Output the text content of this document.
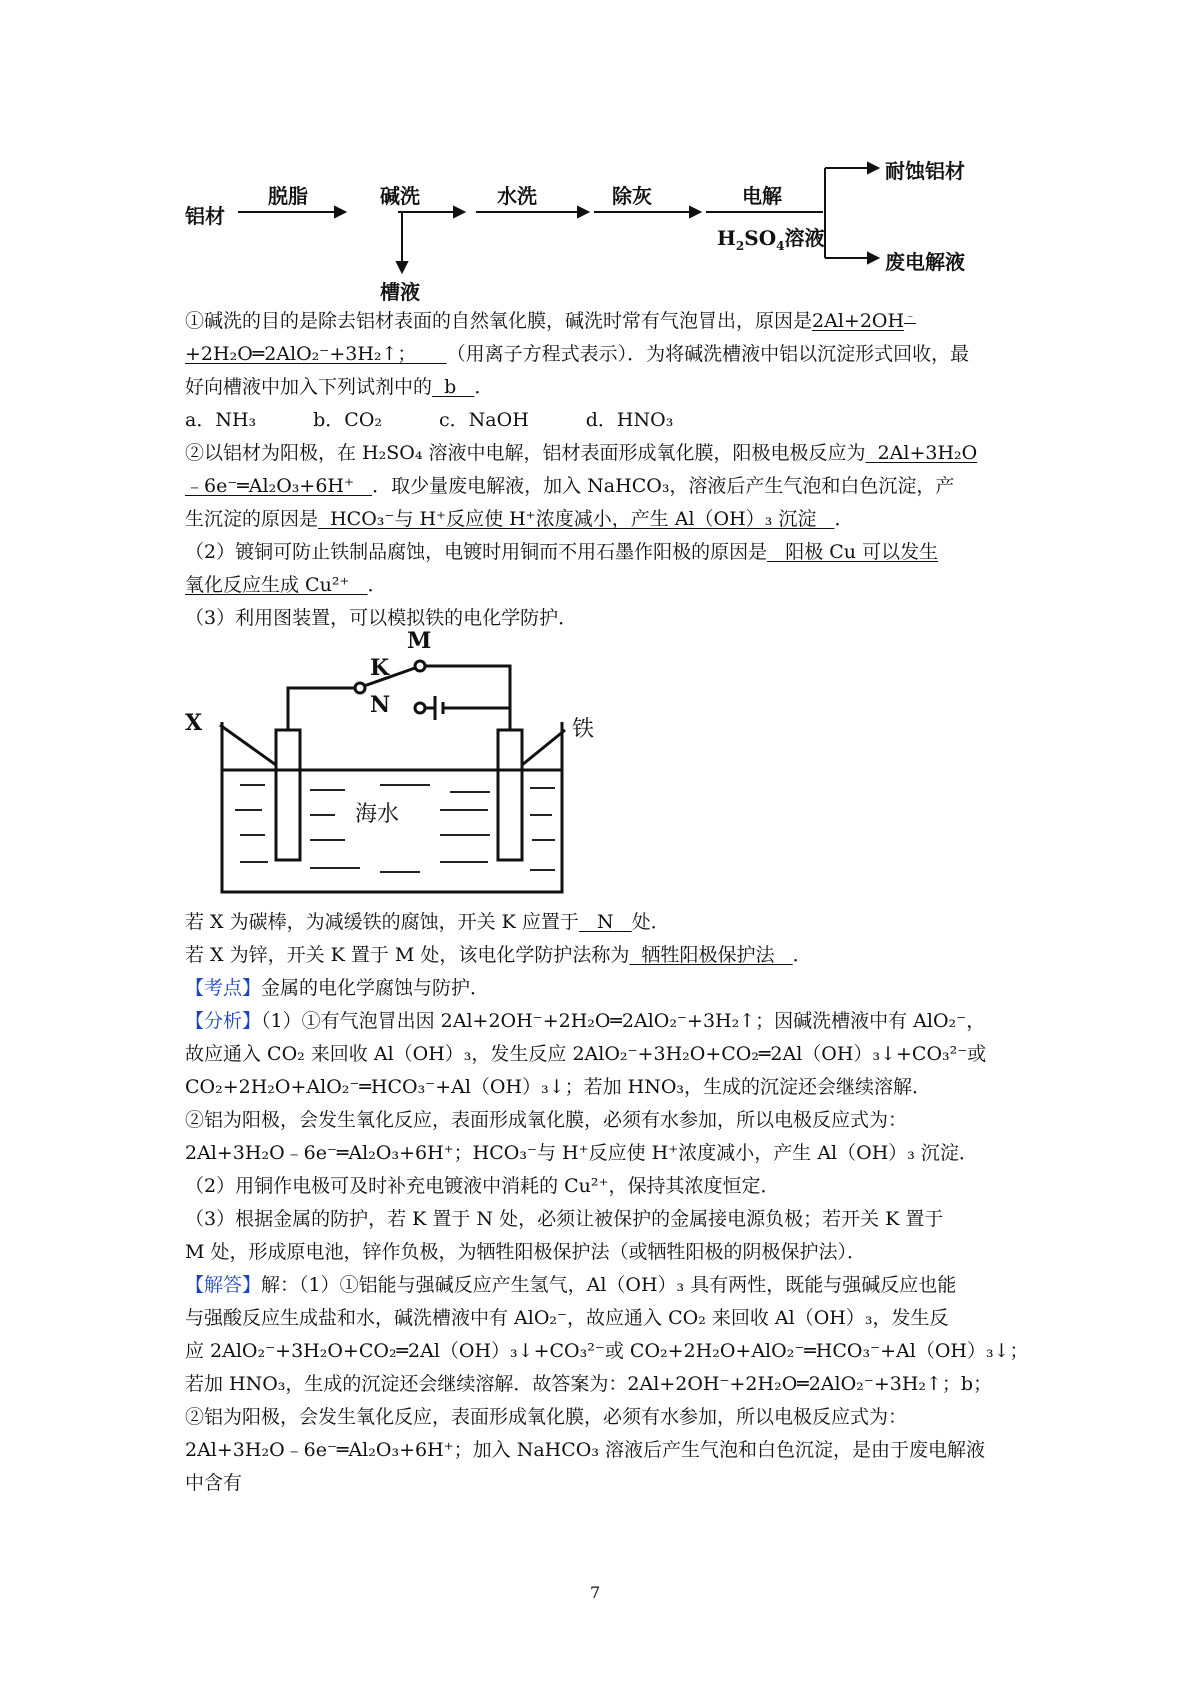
铝材
脱脂	碱洗	水洗	除灰	电解
$H_2SO_4$溶液
耐蚀铝材
废电解液
槽液
①碱洗的目的是除去铝材表面的自然氧化膜，碱洗时常有气泡冒出，原因是2Al+2OH﹣
+2H₂O═2AlO₂⁻+3H₂↑； （用离子方程式表示）．为将碱洗槽液中铝以沉淀形式回收，最
好向槽液中加入下列试剂中的 b ．
a．NH₃　　　b．CO₂　　　c．NaOH　　　d．HNO₃
②以铝材为阳极，在 H₂SO₄ 溶液中电解，铝材表面形成氧化膜，阳极电极反应为 2Al+3H₂O
﹣6e⁻═Al₂O₃+6H⁺ ．取少量废电解液，加入 NaHCO₃，溶液后产生气泡和白色沉淀，产
生沉淀的原因是 HCO₃⁻与 H⁺反应使 H⁺浓度减小，产生 Al（OH）₃ 沉淀 ．
（2）镀铜可防止铁制品腐蚀，电镀时用铜而不用石墨作阳极的原因是 阳极 Cu 可以发生
氧化反应生成 Cu²⁺ ．
（3）利用图装置，可以模拟铁的电化学防护．
M
K
N
X	铁
海水
若 X 为碳棒，为减缓铁的腐蚀，开关 K 应置于 N 处．
若 X 为锌，开关 K 置于 M 处，该电化学防护法称为 牺牲阳极保护法 ．
【考点】金属的电化学腐蚀与防护．
【分析】（1）①有气泡冒出因 2Al+2OH⁻+2H₂O═2AlO₂⁻+3H₂↑；因碱洗槽液中有 AlO₂⁻，
故应通入 CO₂ 来回收 Al（OH）₃，发生反应 2AlO₂⁻+3H₂O+CO₂═2Al（OH）₃↓+CO₃²⁻或
CO₂+2H₂O+AlO₂⁻═HCO₃⁻+Al（OH）₃↓；若加 HNO₃，生成的沉淀还会继续溶解．
②铝为阳极，会发生氧化反应，表面形成氧化膜，必须有水参加，所以电极反应式为：
2Al+3H₂O﹣6e⁻═Al₂O₃+6H⁺；HCO₃⁻与 H⁺反应使 H⁺浓度减小，产生 Al（OH）₃ 沉淀．
（2）用铜作电极可及时补充电镀液中消耗的 Cu²⁺，保持其浓度恒定．
（3）根据金属的防护，若 K 置于 N 处，必须让被保护的金属接电源负极；若开关 K 置于
M 处，形成原电池，锌作负极，为牺牲阳极保护法（或牺牲阳极的阴极保护法）．
【解答】解：（1）①铝能与强碱反应产生氢气，Al（OH）₃ 具有两性，既能与强碱反应也能
与强酸反应生成盐和水，碱洗槽液中有 AlO₂⁻，故应通入 CO₂ 来回收 Al（OH）₃，发生反
应 2AlO₂⁻+3H₂O+CO₂═2Al（OH）₃↓+CO₃²⁻或 CO₂+2H₂O+AlO₂⁻═HCO₃⁻+Al（OH）₃↓；
若加 HNO₃，生成的沉淀还会继续溶解．故答案为：2Al+2OH⁻+2H₂O═2AlO₂⁻+3H₂↑；b；
②铝为阳极，会发生氧化反应，表面形成氧化膜，必须有水参加，所以电极反应式为：
2Al+3H₂O﹣6e⁻═Al₂O₃+6H⁺；加入 NaHCO₃ 溶液后产生气泡和白色沉淀，是由于废电解液
中含有
7
